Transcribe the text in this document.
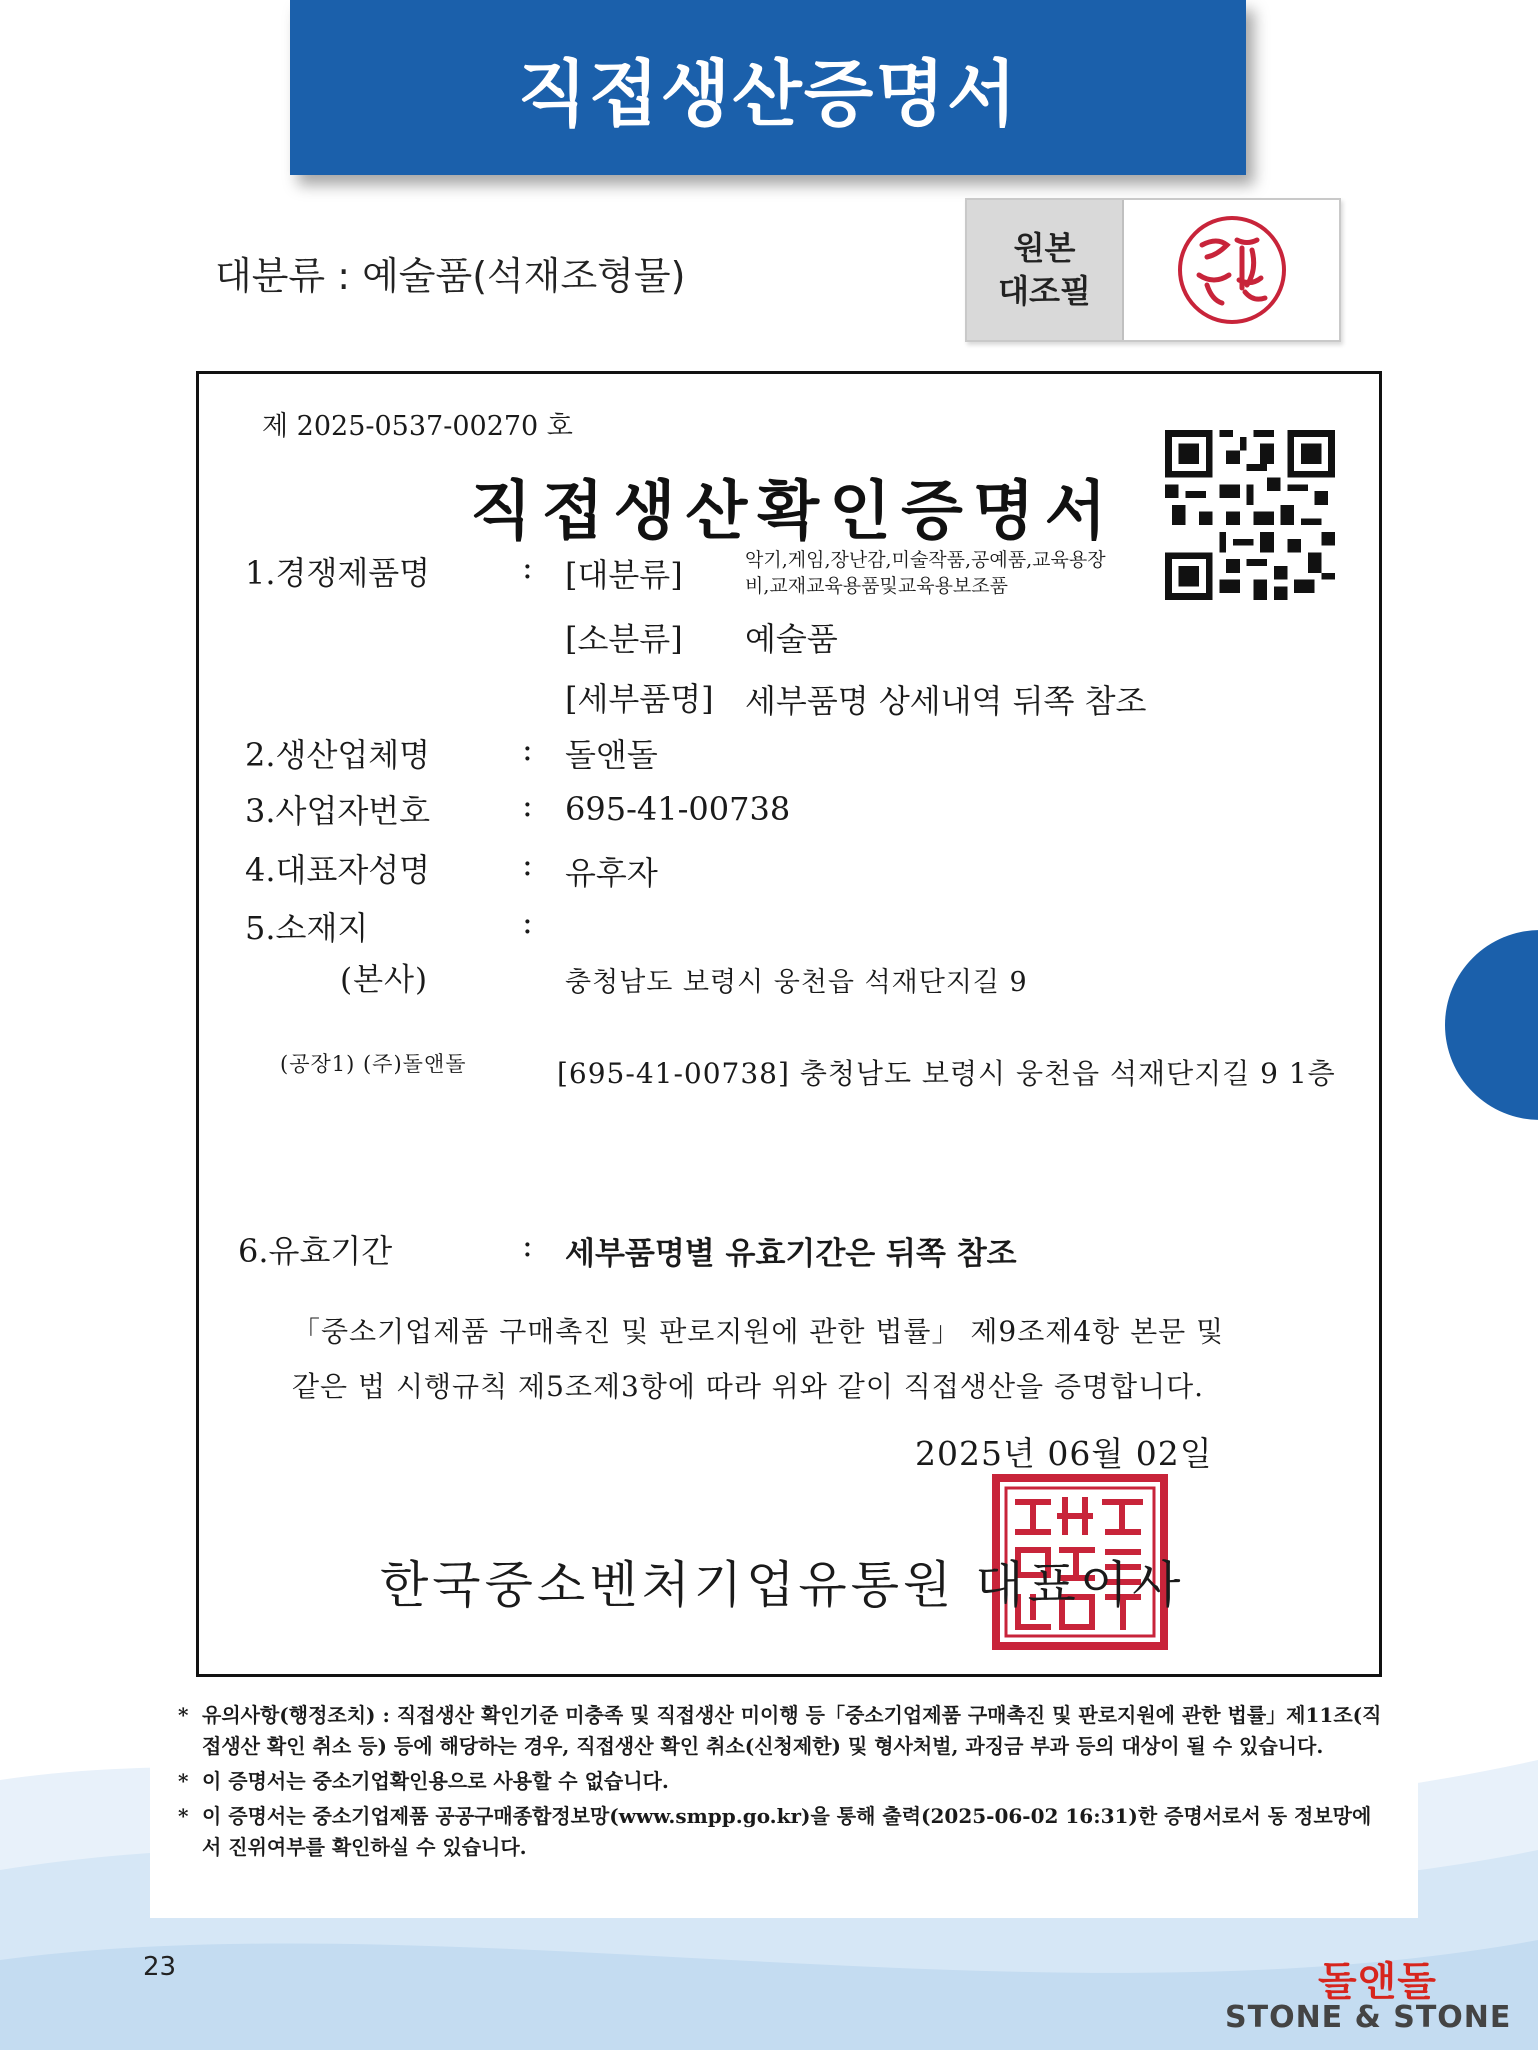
직접생산증명서
대분류 : 예술품(석재조형물)
원본
대조필
제 2025-0537-00270 호
직접생산확인증명서
1.경쟁제품명	: [대분류]	악기,게임,장난감,미술작품,공예품,교육용장
비,교재교육용품및교육용보조품
[소분류] 예술품
[세부품명] 세부품명 상세내역 뒤쪽 참조
2.생산업체명	: 돌앤돌
3.사업자번호	: 695-41-00738
4.대표자성명	: 유후자
5.소재지	:
(본사)	충청남도 보령시 웅천읍 석재단지길 9
(공장1) (주)돌앤돌	[695-41-00738] 충청남도 보령시 웅천읍 석재단지길 9 1층
6.유효기간	: 세부품명별 유효기간은 뒤쪽 참조
「중소기업제품 구매촉진 및 판로지원에 관한 법률」 제9조제4항 본문 및
같은 법 시행규칙 제5조제3항에 따라 위와 같이 직접생산을 증명합니다.
2025년 06월 02일
한국중소벤처기업유통원 대표이사
* 유의사항(행정조치) : 직접생산 확인기준 미충족 및 직접생산 미이행 등「중소기업제품 구매촉진 및 판로지원에 관한 법률」제11조(직접생산 확인 취소 등) 등에 해당하는 경우, 직접생산 확인 취소(신청제한) 및 형사처벌, 과징금 부과 등의 대상이 될 수 있습니다.
* 이 증명서는 중소기업확인용으로 사용할 수 없습니다.
* 이 증명서는 중소기업제품 공공구매종합정보망(www.smpp.go.kr)을 통해 출력(2025-06-02 16:31)한 증명서로서 동 정보망에서 진위여부를 확인하실 수 있습니다.
23	돌앤돌
STONE & STONE
